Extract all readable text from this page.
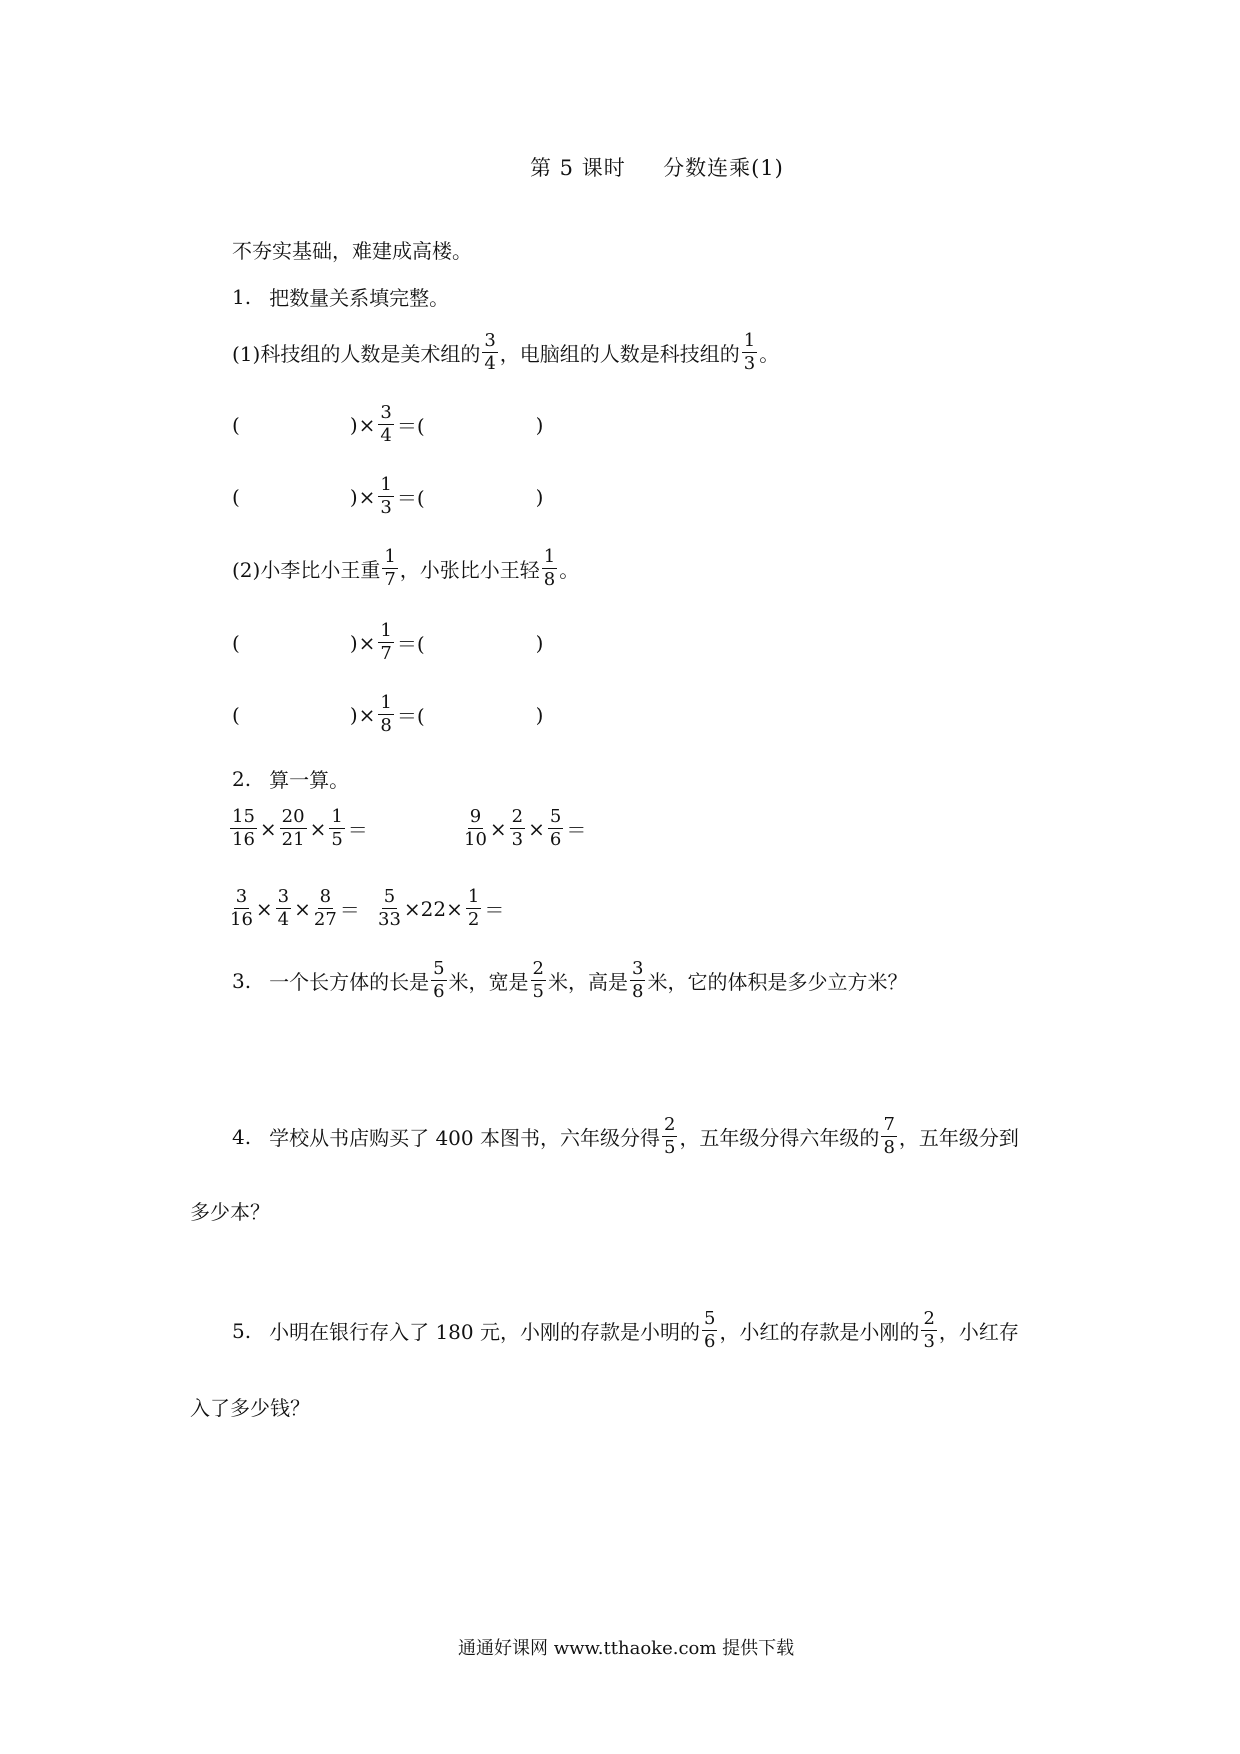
第 5 课时 分数连乘(1)
不夯实基础，难建成高楼。
1. 把数量关系填完整。
(1)科技组的人数是美术组的 $\frac{3}{4}$ ，电脑组的人数是科技组的 $\frac{1}{3}$ 。
(	) × $\frac{3}{4}$ ＝(	)
(	) × $\frac{1}{3}$ ＝(	)
(2)小李比小王重 $\frac{1}{7}$ ，小张比小王轻 $\frac{1}{8}$ 。
(	) × $\frac{1}{7}$ ＝(	)
(	) × $\frac{1}{8}$ ＝(	)
2. 算一算。
$\frac{15}{16} \times \frac{20}{21} \times \frac{1}{5}$ ＝	$\frac{9}{10} \times \frac{2}{3} \times \frac{5}{6}$ ＝
$\frac{3}{16} \times \frac{3}{4} \times \frac{8}{27} = \frac{5}{33} \times 22\times \frac{1}{2}$ ＝
3. 一个长方体的长是 $\frac{5}{6}$ 米，宽是 $\frac{2}{5}$ 米，高是 $\frac{3}{8}$ 米，它的体积是多少立方米？
4. 学校从书店购买了 400 本图书，六年级分得 $\frac{2}{5}$ ，五年级分得六年级的 $\frac{7}{8}$ ，五年级分到
多少本？
5. 小明在银行存入了 180 元，小刚的存款是小明的 $\frac{5}{6}$ ，小红的存款是小刚的 $\frac{2}{3}$ ，小红存
入了多少钱？
通通好课网 www.tthaoke.com 提供下载
